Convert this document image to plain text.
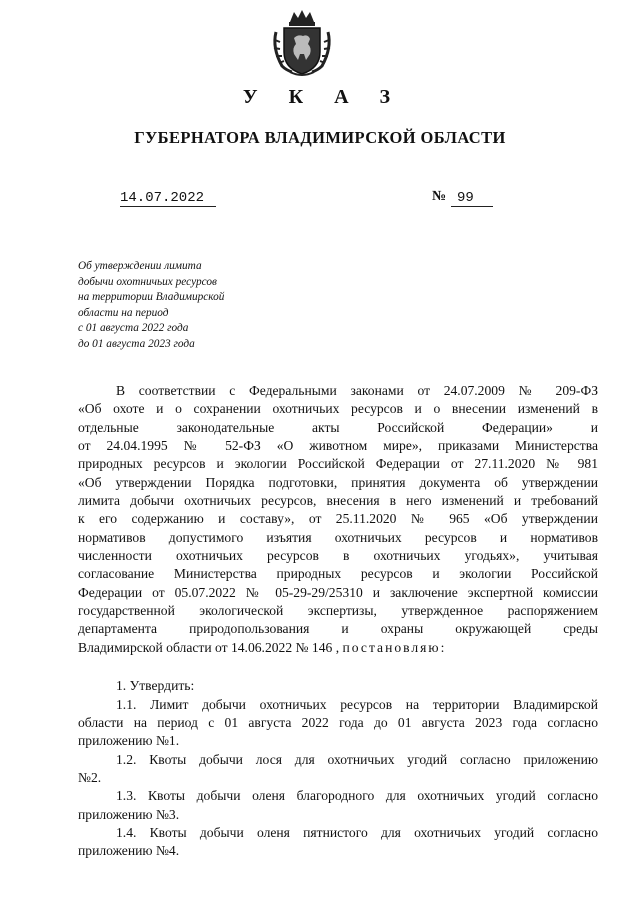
У К А З
ГУБЕРНАТОРА ВЛАДИМИРСКОЙ ОБЛАСТИ
14.07.2022	№ 99
Об утверждении лимита
добычи охотничьих ресурсов
на территории Владимирской
области на период
с 01 августа 2022 года
до 01 августа 2023 года
В соответствии с Федеральными законами от 24.07.2009 № 209-ФЗ
«Об охоте и о сохранении охотничьих ресурсов и о внесении изменений в
отдельные законодательные акты Российской Федерации» и
от 24.04.1995 № 52-ФЗ «О животном мире», приказами Министерства
природных ресурсов и экологии Российской Федерации от 27.11.2020 № 981
«Об утверждении Порядка подготовки, принятия документа об утверждении
лимита добычи охотничьих ресурсов, внесения в него изменений и требований
к его содержанию и составу», от 25.11.2020 № 965 «Об утверждении
нормативов допустимого изъятия охотничьих ресурсов и нормативов
численности охотничьих ресурсов в охотничьих угодьях», учитывая
согласование Министерства природных ресурсов и экологии Российской
Федерации от 05.07.2022 № 05-29-29/25310 и заключение экспертной комиссии
государственной экологической экспертизы, утвержденное распоряжением
департамента природопользования и охраны окружающей среды
Владимирской области от 14.06.2022 № 146 , постановляю:
1. Утвердить:
1.1. Лимит добычи охотничьих ресурсов на территории Владимирской
области на период с 01 августа 2022 года до 01 августа 2023 года согласно
приложению №1.
1.2. Квоты добычи лося для охотничьих угодий согласно приложению
№2.
1.3. Квоты добычи оленя благородного для охотничьих угодий согласно
приложению №3.
1.4. Квоты добычи оленя пятнистого для охотничьих угодий согласно
приложению №4.
